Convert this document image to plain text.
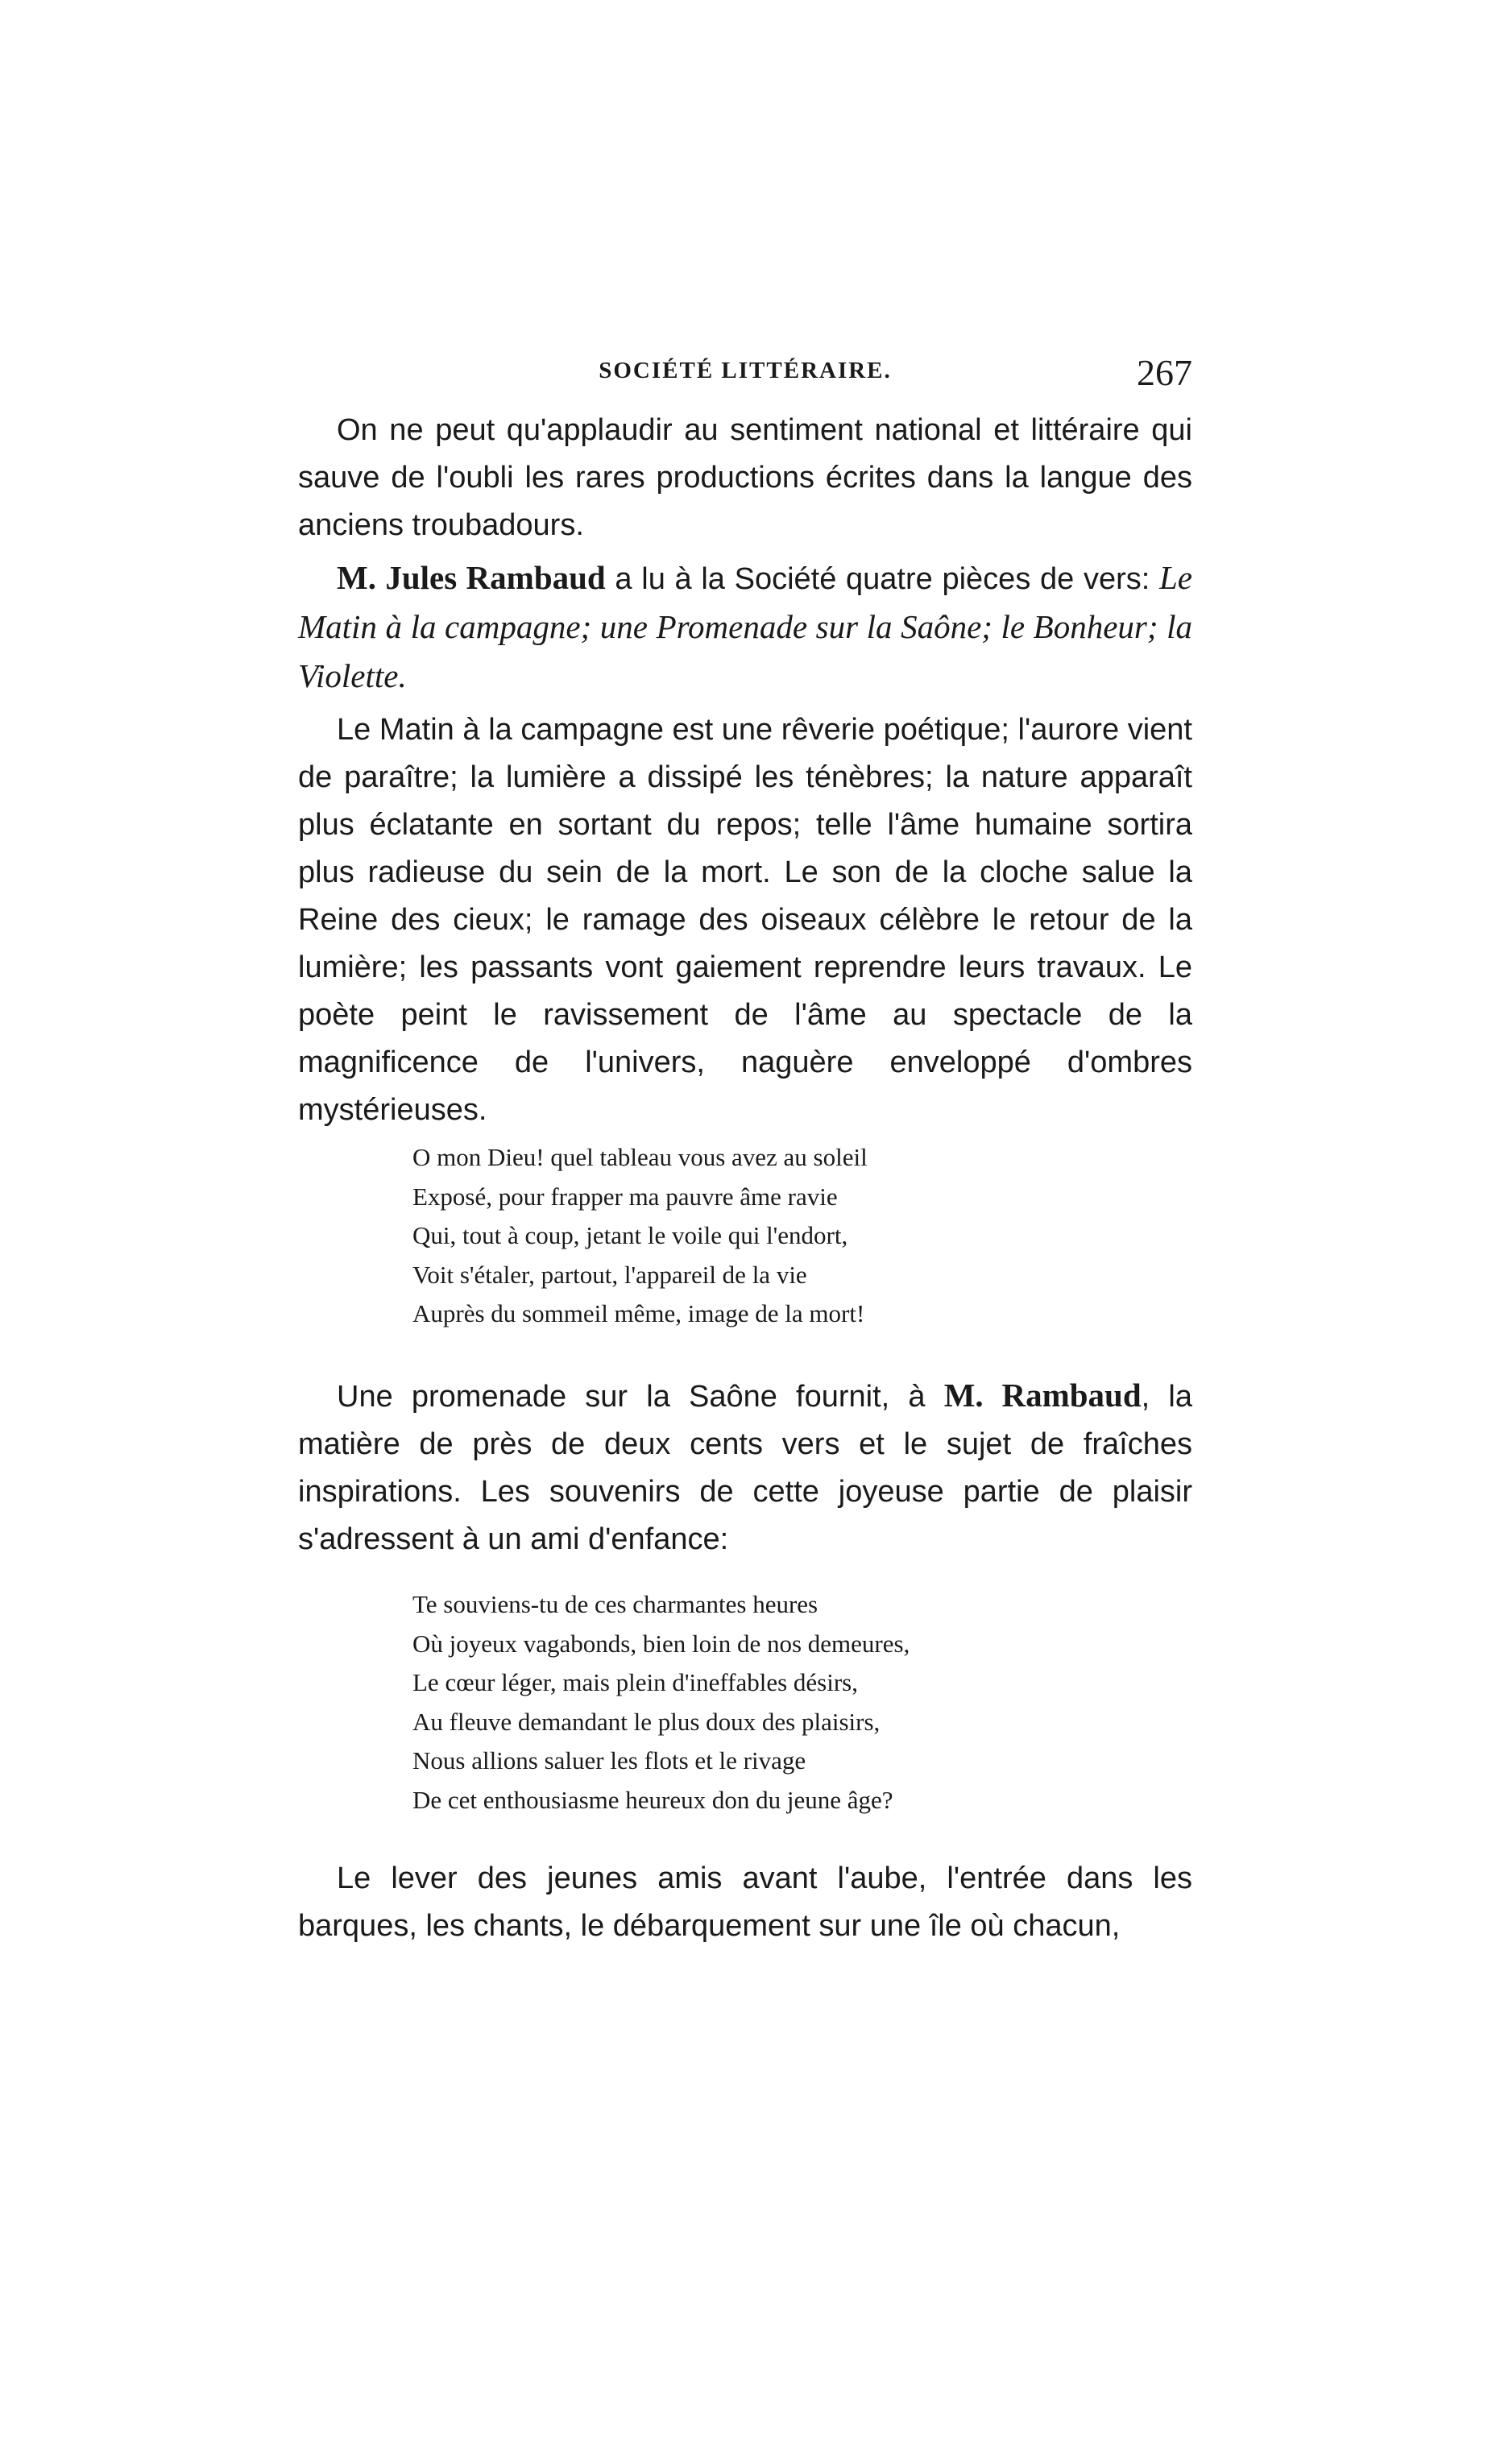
SOCIÉTÉ LITTÉRAIRE.	267

On ne peut qu'applaudir au sentiment national et littéraire qui sauve de l'oubli les rares productions écrites dans la langue des anciens troubadours.

M. Jules Rambaud a lu à la Société quatre pièces de vers: Le Matin à la campagne; une Promenade sur la Saône; le Bonheur; la Violette.

Le Matin à la campagne est une rêverie poétique; l'aurore vient de paraître; la lumière a dissipé les ténèbres; la nature apparaît plus éclatante en sortant du repos; telle l'âme humaine sortira plus radieuse du sein de la mort. Le son de la cloche salue la Reine des cieux; le ramage des oiseaux célèbre le retour de la lumière; les passants vont gaiement reprendre leurs travaux. Le poète peint le ravissement de l'âme au spectacle de la magnificence de l'univers, naguère enveloppé d'ombres mystérieuses.

O mon Dieu! quel tableau vous avez au soleil
Exposé, pour frapper ma pauvre âme ravie
Qui, tout à coup, jetant le voile qui l'endort,
Voit s'étaler, partout, l'appareil de la vie
Auprès du sommeil même, image de la mort!

Une promenade sur la Saône fournit, à M. Rambaud, la matière de près de deux cents vers et le sujet de fraîches inspirations. Les souvenirs de cette joyeuse partie de plaisir s'adressent à un ami d'enfance:

Te souviens-tu de ces charmantes heures
Où joyeux vagabonds, bien loin de nos demeures,
Le cœur léger, mais plein d'ineffables désirs,
Au fleuve demandant le plus doux des plaisirs,
Nous allions saluer les flots et le rivage
De cet enthousiasme heureux don du jeune âge?

Le lever des jeunes amis avant l'aube, l'entrée dans les barques, les chants, le débarquement sur une île où chacun,
